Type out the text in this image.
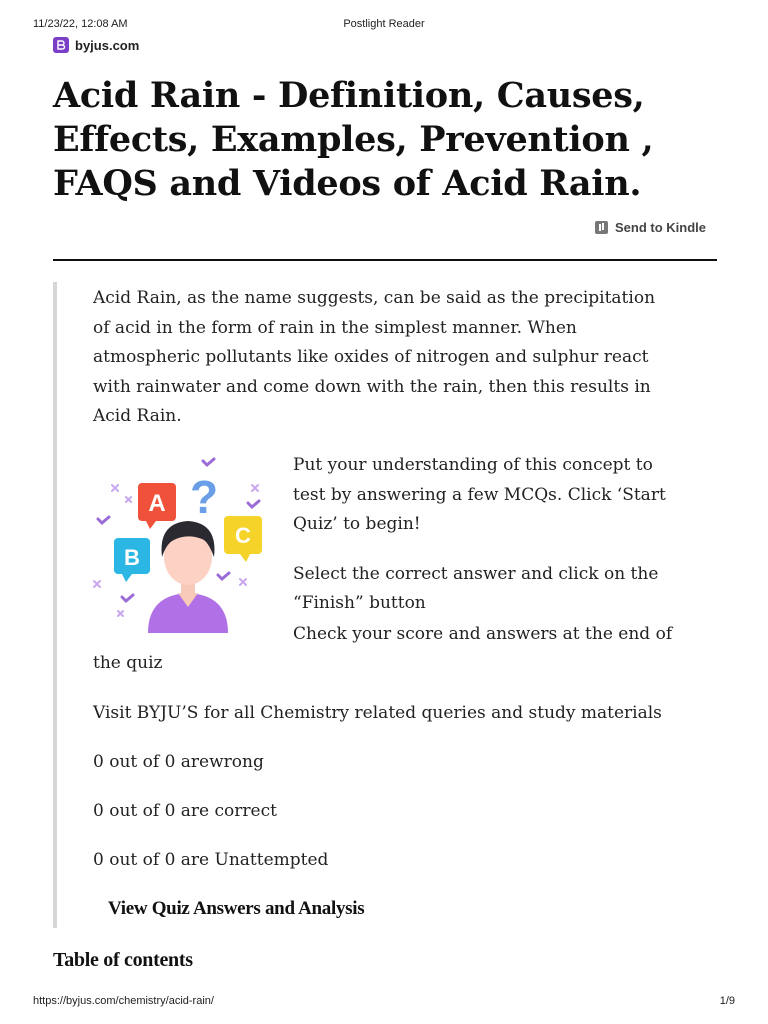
11/23/22, 12:08 AM	Postlight Reader
byjus.com
Acid Rain - Definition, Causes, Effects, Examples, Prevention , FAQS and Videos of Acid Rain.
Send to Kindle
Acid Rain, as the name suggests, can be said as the precipitation of acid in the form of rain in the simplest manner. When atmospheric pollutants like oxides of nitrogen and sulphur react with rainwater and come down with the rain, then this results in Acid Rain.
A ?
B
C

Put your understanding of this concept to test by answering a few MCQs. Click ‘Start Quiz’ to begin!

Select the correct answer and click on the “Finish” button

Check your score and answers at the end of
the quiz
Visit BYJU’S for all Chemistry related queries and study materials
0 out of 0 arewrong
0 out of 0 are correct
0 out of 0 are Unattempted
View Quiz Answers and Analysis
Table of contents
https://byjus.com/chemistry/acid-rain/	1/9
